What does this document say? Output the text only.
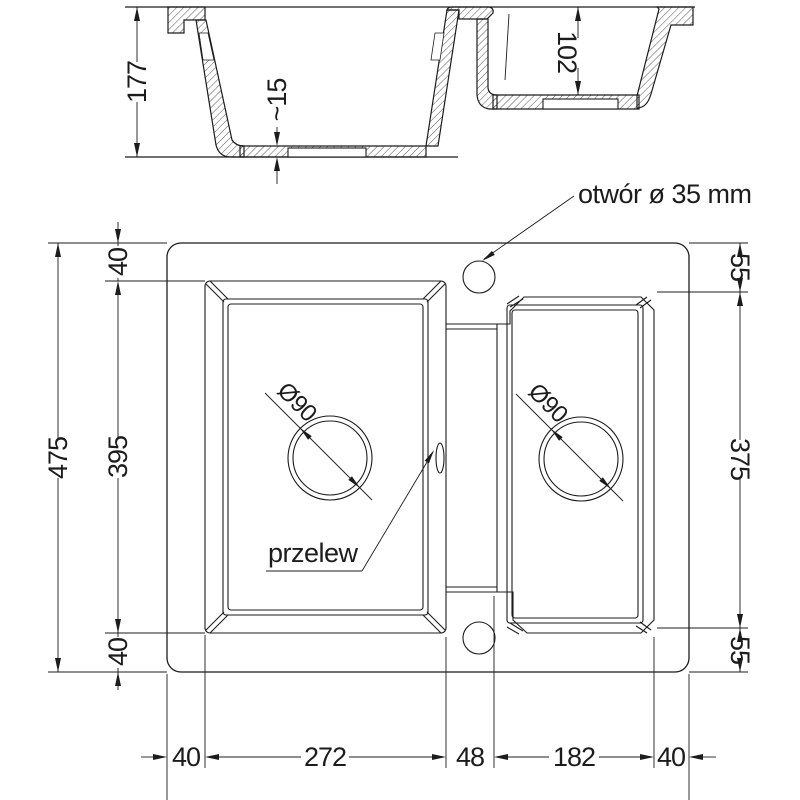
177	~15
102
otwór ø 35 mm
Ø90	Ø90
przelew
475
40
395
40
55
375
55
40	272	48	182 40
